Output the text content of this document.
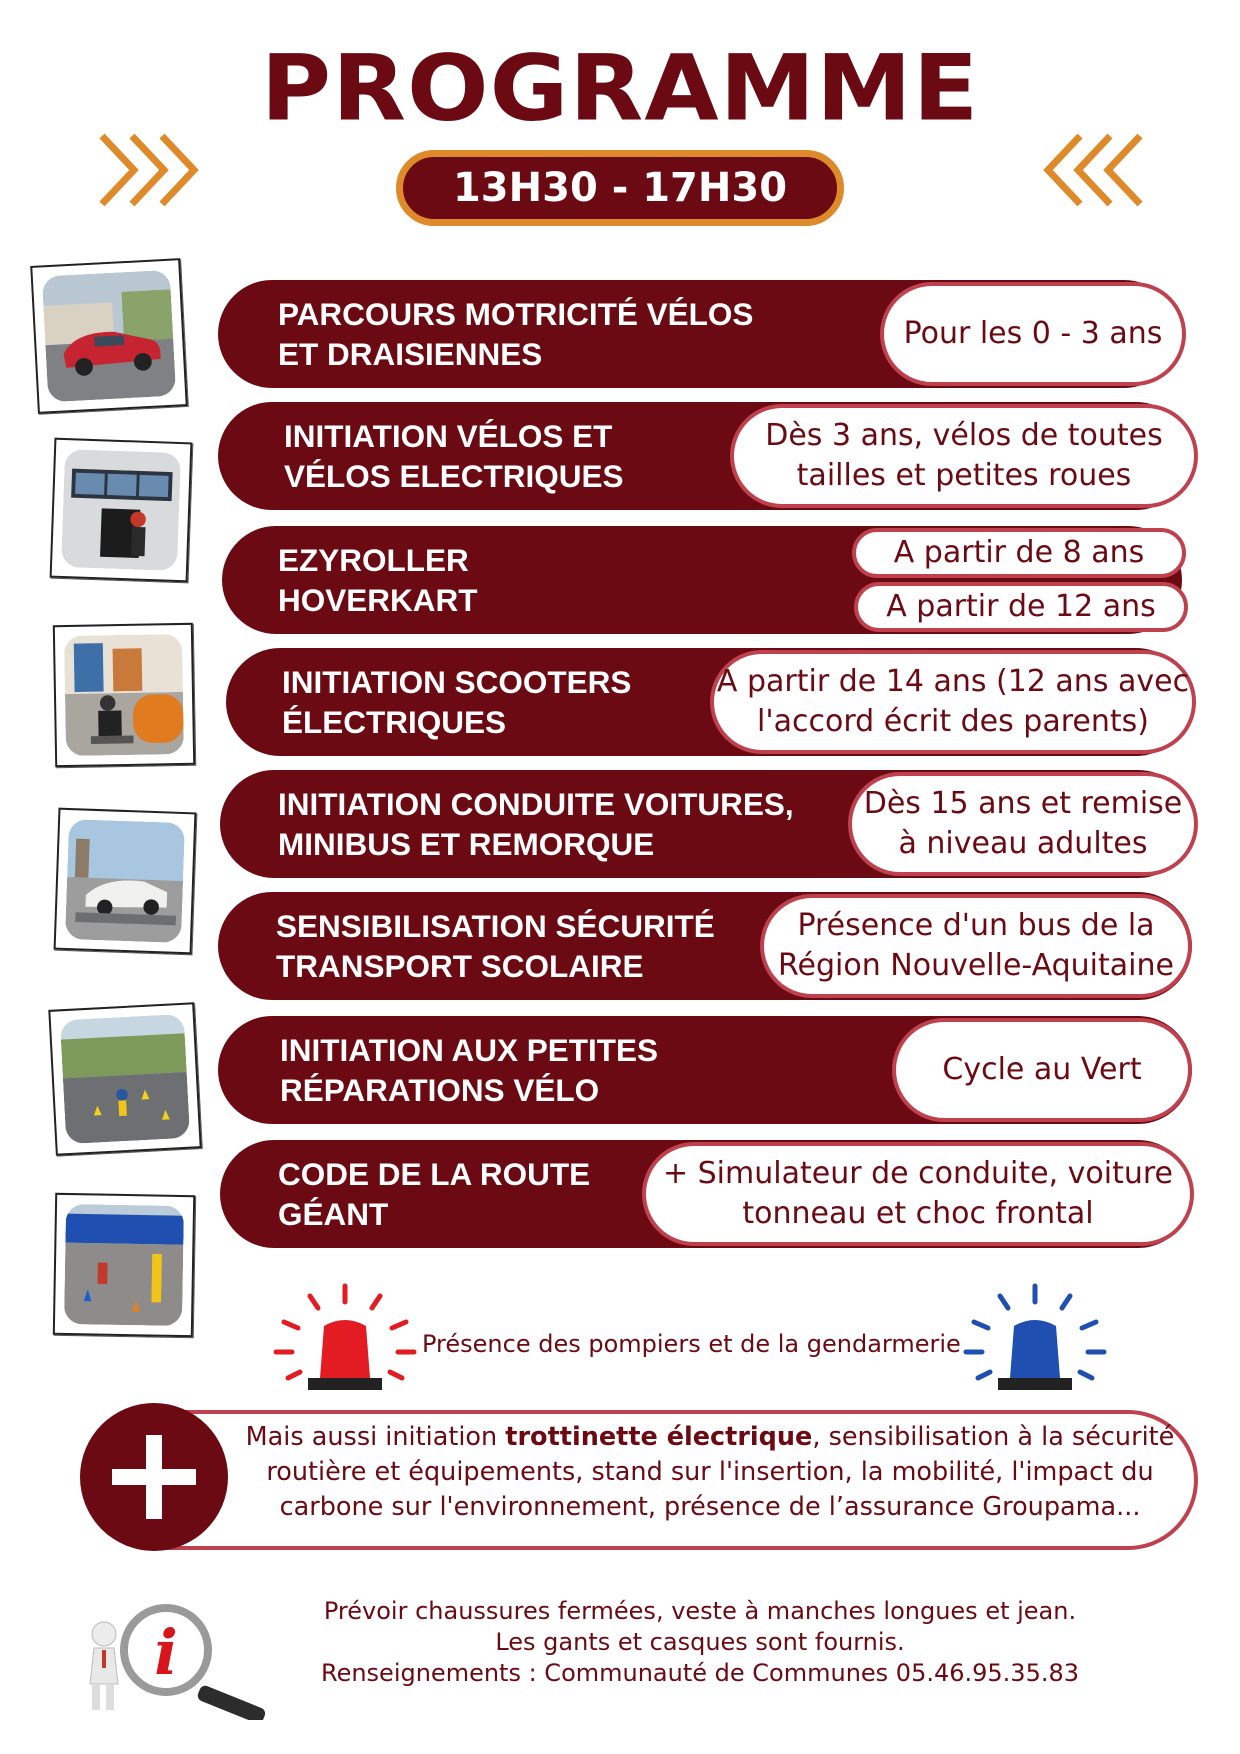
PROGRAMME
13H30 - 17H30
PARCOURS MOTRICITÉ VÉLOS
ET DRAISIENNES
Pour les 0 - 3 ans
INITIATION VÉLOS ET
VÉLOS ELECTRIQUES
Dès 3 ans, vélos de toutes
tailles et petites roues
EZYROLLER
HOVERKART
A partir de 8 ans
A partir de 12 ans
INITIATION SCOOTERS
ÉLECTRIQUES
A partir de 14 ans (12 ans avec
l'accord écrit des parents)
INITIATION CONDUITE VOITURES,
MINIBUS ET REMORQUE
Dès 15 ans et remise
à niveau adultes
SENSIBILISATION SÉCURITÉ
TRANSPORT SCOLAIRE
Présence d'un bus de la
Région Nouvelle-Aquitaine
INITIATION AUX PETITES
RÉPARATIONS VÉLO
Cycle au Vert
CODE DE LA ROUTE
GÉANT
+ Simulateur de conduite, voiture
tonneau et choc frontal
Présence des pompiers et de la gendarmerie
Mais aussi initiation trottinette électrique, sensibilisation à la sécurité
routière et équipements, stand sur l'insertion, la mobilité, l'impact du
carbone sur l'environnement, présence de l’assurance Groupama...
i
Prévoir chaussures fermées, veste à manches longues et jean.
Les gants et casques sont fournis.
Renseignements : Communauté de Communes 05.46.95.35.83
